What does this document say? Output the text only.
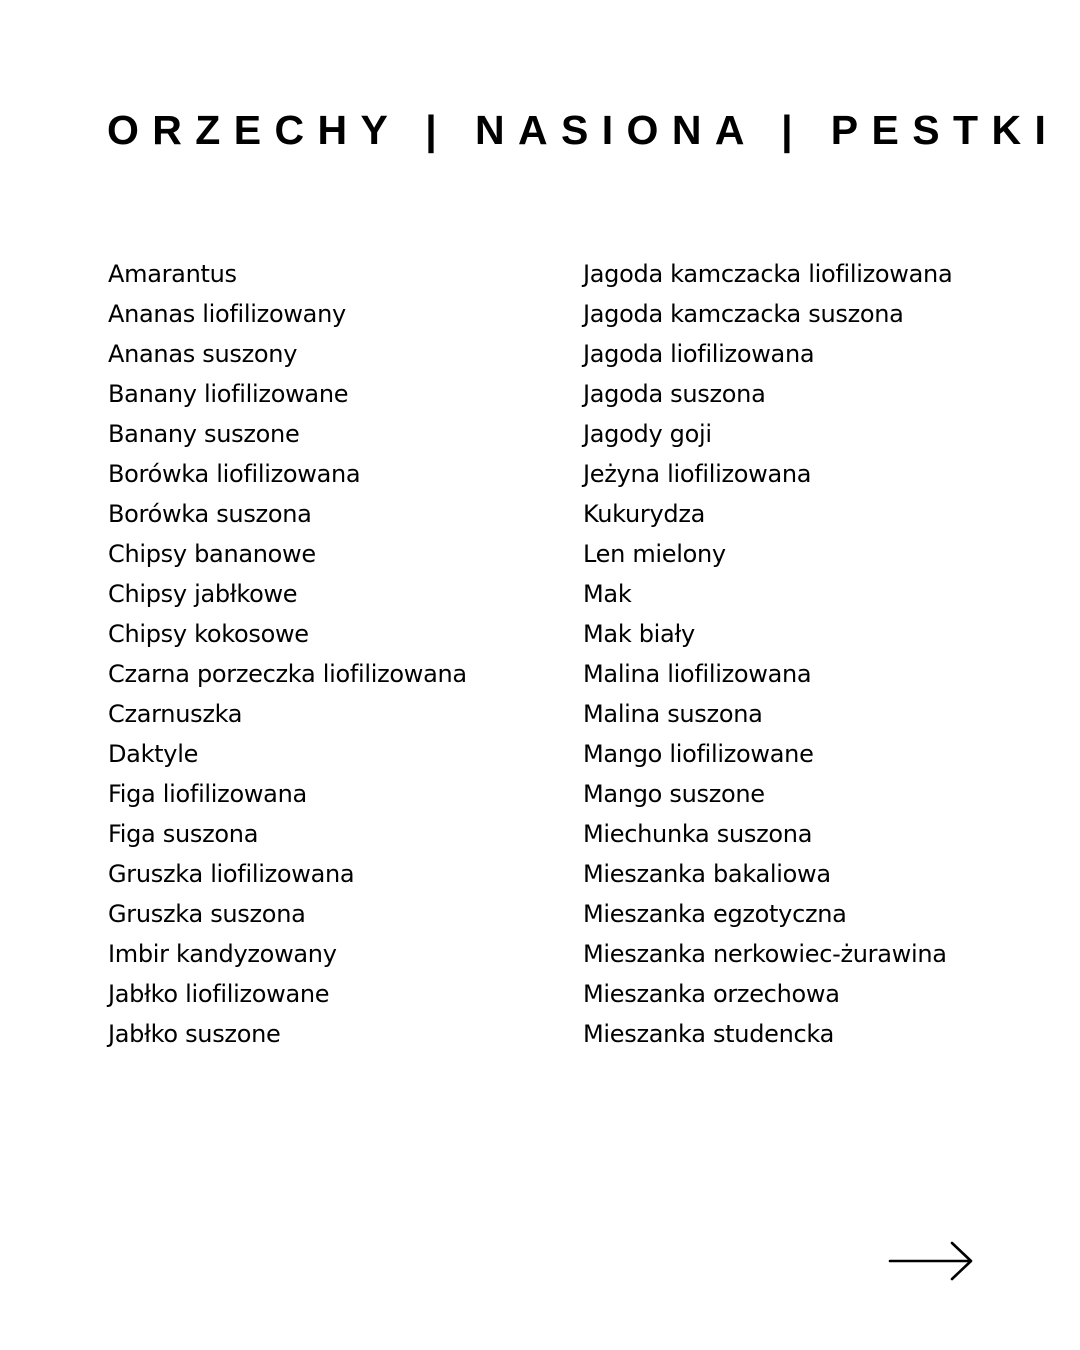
ORZECHY | NASIONA | PESTKI
Amarantus
Ananas liofilizowany
Ananas suszony
Banany liofilizowane
Banany suszone
Borówka liofilizowana
Borówka suszona
Chipsy bananowe
Chipsy jabłkowe
Chipsy kokosowe
Czarna porzeczka liofilizowana
Czarnuszka
Daktyle
Figa liofilizowana
Figa suszona
Gruszka liofilizowana
Gruszka suszona
Imbir kandyzowany
Jabłko liofilizowane
Jabłko suszone
Jagoda kamczacka liofilizowana
Jagoda kamczacka suszona
Jagoda liofilizowana
Jagoda suszona
Jagody goji
Jeżyna liofilizowana
Kukurydza
Len mielony
Mak
Mak biały
Malina liofilizowana
Malina suszona
Mango liofilizowane
Mango suszone
Miechunka suszona
Mieszanka bakaliowa
Mieszanka egzotyczna
Mieszanka nerkowiec-żurawina
Mieszanka orzechowa
Mieszanka studencka
